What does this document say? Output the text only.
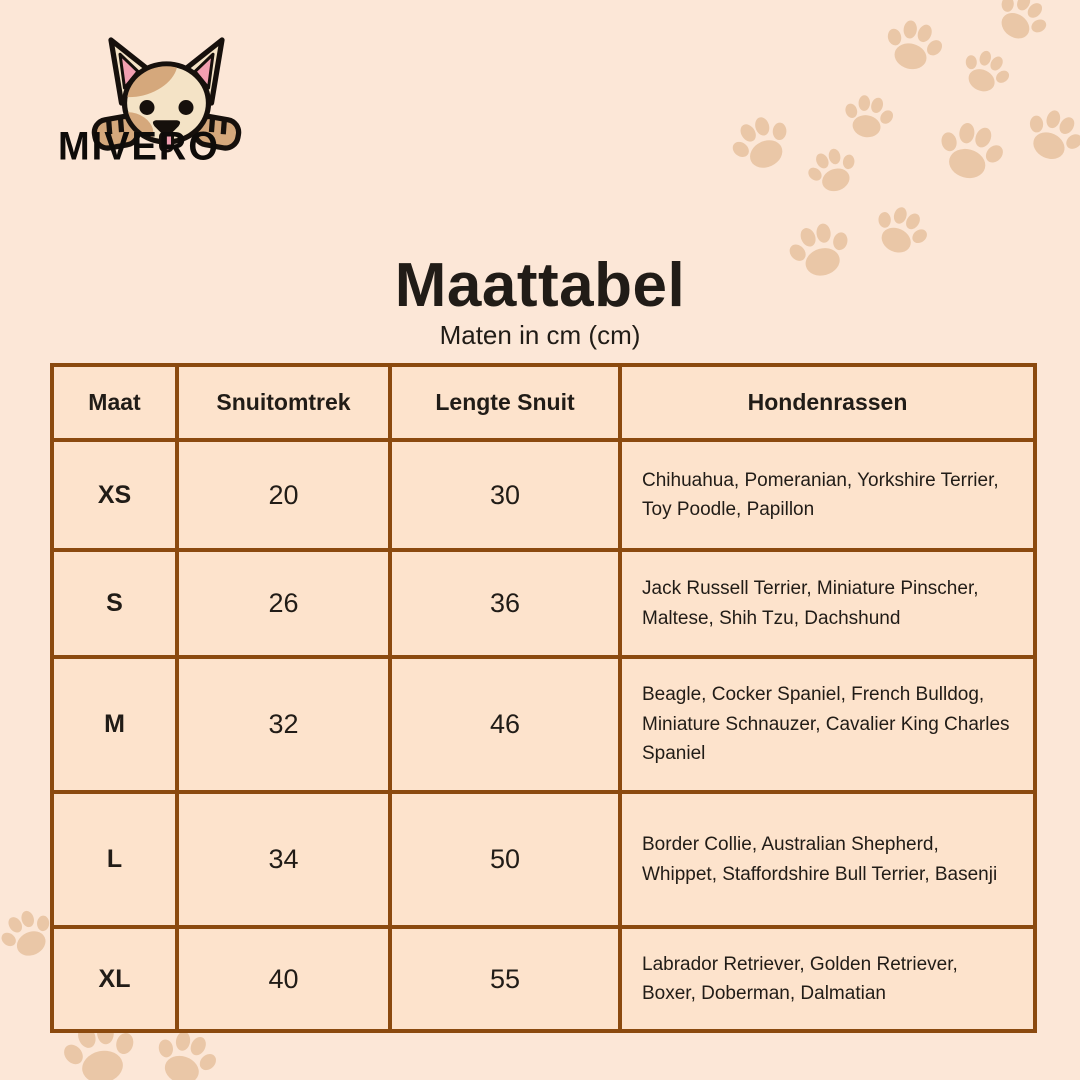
MIVERO
Maattabel
Maten in cm (cm)
Maat	Snuitomtrek	Lengte Snuit	Hondenrassen
XS	20	30	Chihuahua, Pomeranian, Yorkshire Terrier, Toy Poodle, Papillon
S	26	36	Jack Russell Terrier, Miniature Pinscher, Maltese, Shih Tzu, Dachshund
M	32	46	Beagle, Cocker Spaniel, French Bulldog, Miniature Schnauzer, Cavalier King Charles Spaniel
L	34	50	Border Collie, Australian Shepherd, Whippet, Staffordshire Bull Terrier, Basenji
XL	40	55	Labrador Retriever, Golden Retriever, Boxer, Doberman, Dalmatian
